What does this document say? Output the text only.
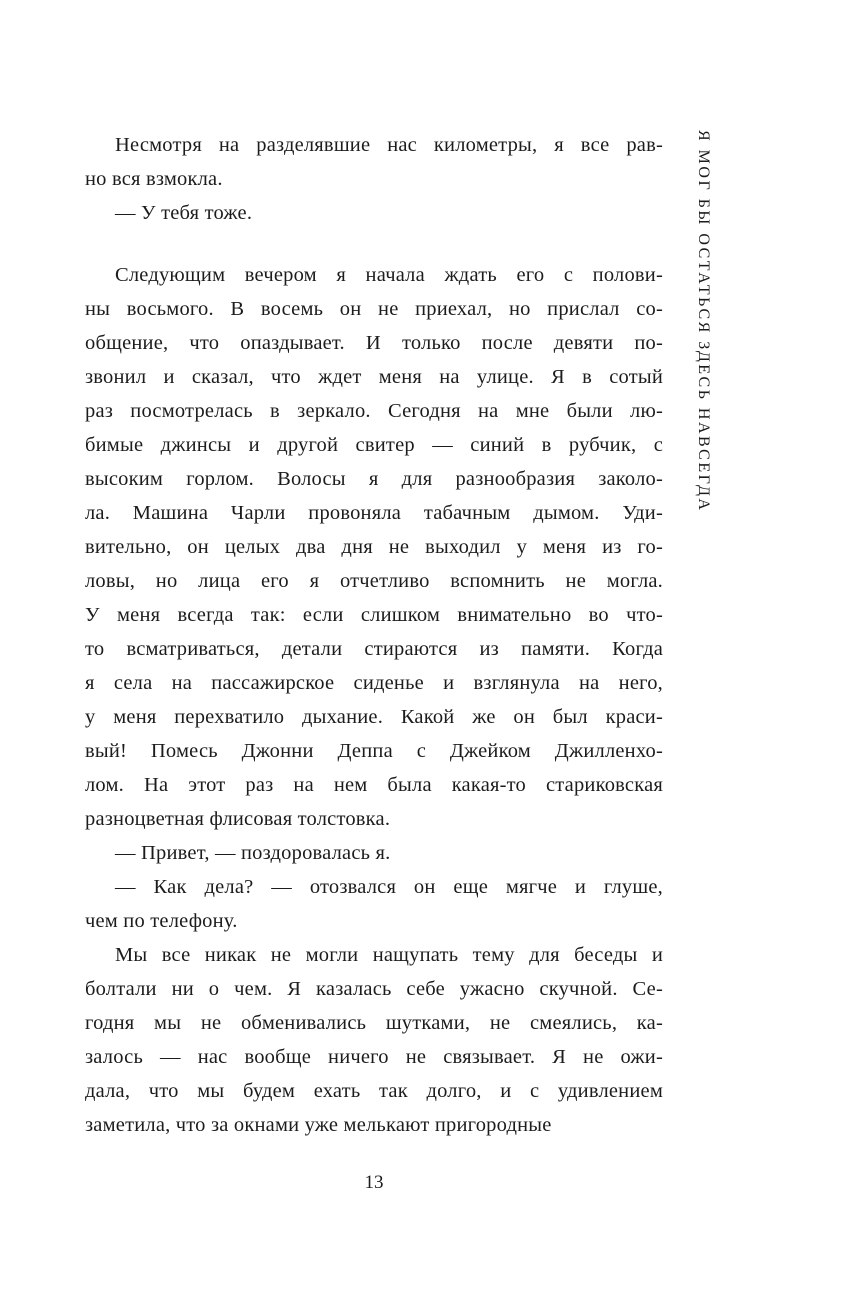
Я МОГ БЫ ОСТАТЬСЯ ЗДЕСЬ НАВСЕГДА
Несмотря на разделявшие нас километры, я все рав-
но вся взмокла.
— У тебя тоже.
Следующим вечером я начала ждать его с полови-
ны восьмого. В восемь он не приехал, но прислал со-
общение, что опаздывает. И только после девяти по-
звонил и сказал, что ждет меня на улице. Я в сотый
раз посмотрелась в зеркало. Сегодня на мне были лю-
бимые джинсы и другой свитер — синий в рубчик, с
высоким горлом. Волосы я для разнообразия заколо-
ла. Машина Чарли провоняла табачным дымом. Уди-
вительно, он целых два дня не выходил у меня из го-
ловы, но лица его я отчетливо вспомнить не могла.
У меня всегда так: если слишком внимательно во что-
то всматриваться, детали стираются из памяти. Когда
я села на пассажирское сиденье и взглянула на него,
у меня перехватило дыхание. Какой же он был краси-
вый! Помесь Джонни Деппа с Джейком Джилленхо-
лом. На этот раз на нем была какая-то стариковская
разноцветная флисовая толстовка.
— Привет, — поздоровалась я.
— Как дела? — отозвался он еще мягче и глуше,
чем по телефону.
Мы все никак не могли нащупать тему для беседы и
болтали ни о чем. Я казалась себе ужасно скучной. Се-
годня мы не обменивались шутками, не смеялись, ка-
залось — нас вообще ничего не связывает. Я не ожи-
дала, что мы будем ехать так долго, и с удивлением
заметила, что за окнами уже мелькают пригородные
13
